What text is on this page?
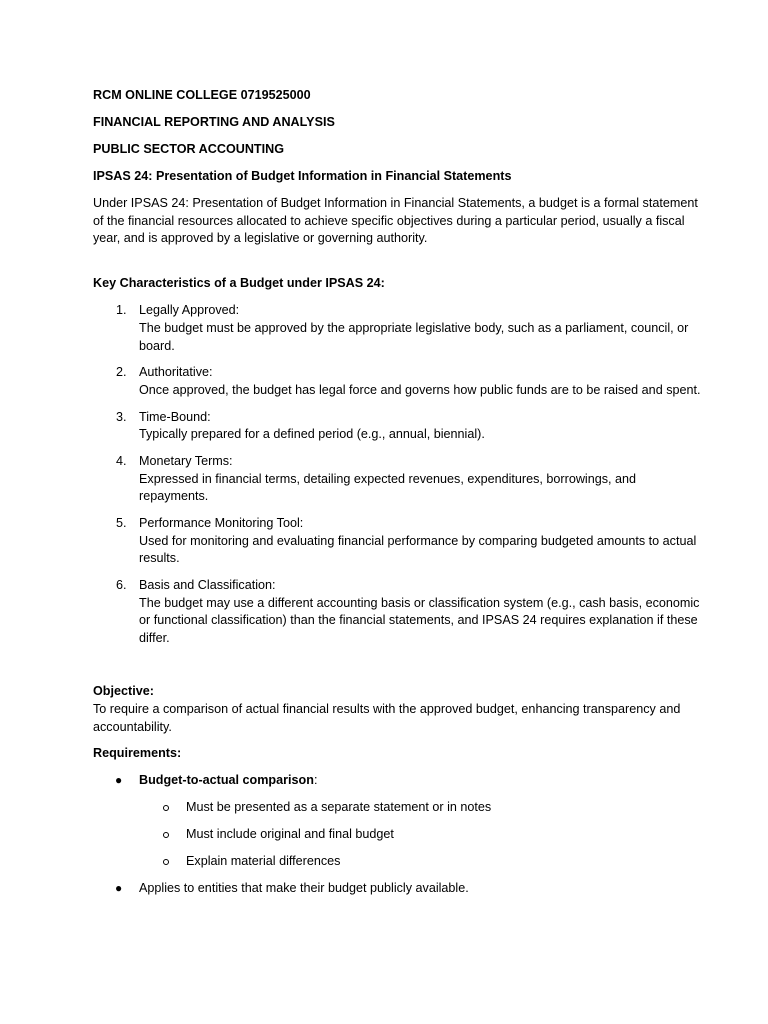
RCM ONLINE COLLEGE 0719525000

FINANCIAL REPORTING AND ANALYSIS

PUBLIC SECTOR ACCOUNTING

IPSAS 24: Presentation of Budget Information in Financial Statements

Under IPSAS 24: Presentation of Budget Information in Financial Statements, a budget is a formal statement of the financial resources allocated to achieve specific objectives during a particular period, usually a fiscal year, and is approved by a legislative or governing authority.

Key Characteristics of a Budget under IPSAS 24:

1. Legally Approved:
The budget must be approved by the appropriate legislative body, such as a parliament, council, or board.
2. Authoritative:
Once approved, the budget has legal force and governs how public funds are to be raised and spent.
3. Time-Bound:
Typically prepared for a defined period (e.g., annual, biennial).
4. Monetary Terms:
Expressed in financial terms, detailing expected revenues, expenditures, borrowings, and repayments.
5. Performance Monitoring Tool:
Used for monitoring and evaluating financial performance by comparing budgeted amounts to actual results.
6. Basis and Classification:
The budget may use a different accounting basis or classification system (e.g., cash basis, economic or functional classification) than the financial statements, and IPSAS 24 requires explanation if these differ.

Objective:

To require a comparison of actual financial results with the approved budget, enhancing transparency and accountability.

Requirements:

● Budget-to-actual comparison:
Must be presented as a separate statement or in notes
Must include original and final budget
Explain material differences
● Applies to entities that make their budget publicly available.
